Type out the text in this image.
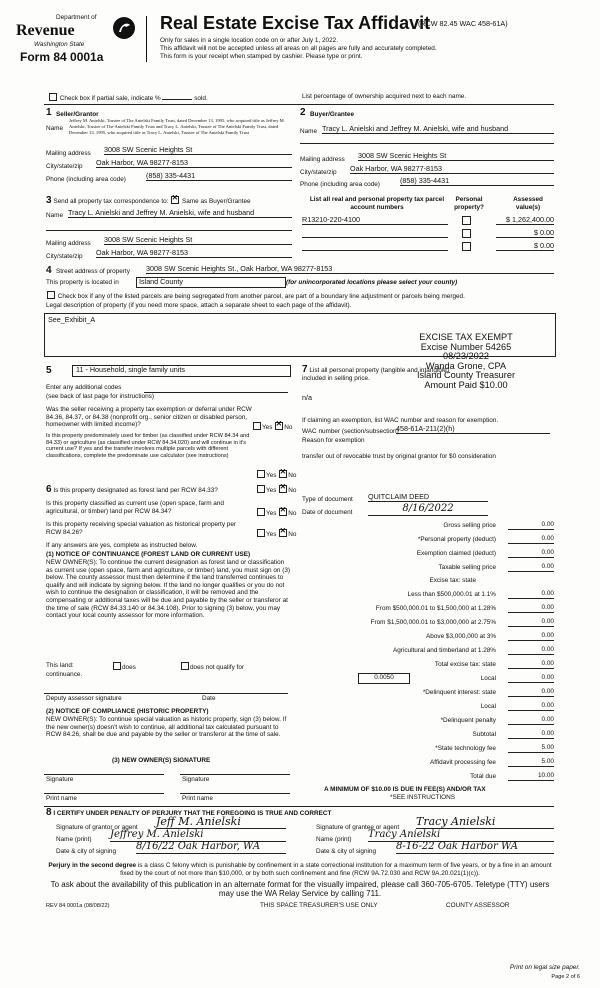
Department of
Revenue
Washington State
Form 84 0001a
Real Estate Excise Tax Affidavit
(RCW 82.45 WAC 458-61A)
Only for sales in a single location code on or after July 1, 2022.
This affidavit will not be accepted unless all areas on all pages are fully and accurately completed.
This form is your receipt when stamped by cashier. Please type or print.
Check box if partial sale, indicate %	sold.	List percentage of ownership acquired next to each name.
1 Seller/Grantor
Name
Jeffrey M. Anielski, Trustee of The Anielski Family Trust, dated December 13, 1995, who acquired title as Jeffrey M. Anielski, Trustee of The Anielski Family Trust and Tracy L. Anielski, Trustee of The Anielski Family Trust, dated December 13, 1995, who acquired title as Tracy L. Anielski, Trustee of The Anielski Family Trust
Mailing address 3008 SW Scenic Heights St
City/state/zip Oak Harbor, WA 98277-8153
Phone (including area code)	(858) 335-4431
2 Buyer/Grantee
Name Tracy L. Anielski and Jeffrey M. Anielski, wife and husband
Mailing address 3008 SW Scenic Heights St
City/state/zip Oak Harbor, WA 98277-8153
Phone (including area code)	(858) 335-4431
3 Send all property tax correspondence to: ✕ Same as Buyer/Grantee
Name Tracy L. Anielski and Jeffrey M. Anielski, wife and husband
Mailing address 3008 SW Scenic Heights St
City/state/zip Oak Harbor, WA 98277-8153
List all real and personal property tax parcel account numbers
Personal property?
Assessed value(s)
R13210-220-4100	$ 1,262,400.00
$ 0.00
$ 0.00
4 Street address of property 3008 SW Scenic Heights St., Oak Harbor, WA 98277-8153
This property is located in	Island County	(for unincorporated locations please select your county)
Check box if any of the listed parcels are being segregated from another parcel, are part of a boundary line adjustment or parcels being merged.
Legal description of property (if you need more space, attach a separate sheet to each page of the affidavit).
See_Exhibit_A
EXCISE TAX EXEMPT
Excise Number 54265
08/23/2022
Wanda Grone, CPA
Island County Treasurer
Amount Paid $10.00
5	11 - Household, single family units
Enter any additional codes
(see back of last page for instructions)
Was the seller receiving a property tax exemption or deferral under RCW 84.36, 84.37, or 84.38 (nonprofit org., senior citizen or disabled person, homeowner with limited income)?	Yes ✕ No
Is this property predominately used for timber (as classified under RCW 84.34 and 84.33) or agriculture (as classified under RCW 84.34.020) and will continue in it's current use? If yes and the transfer involves multiple parcels with different classifications, complete the predominate use calculator (see instructions)
Yes ✕ No
6 Is this property designated as forest land per RCW 84.33?	Yes ✕ No
Is this property classified as current use (open space, farm and agricultural, or timber) land per RCW 84.34?	Yes ✕ No
Is this property receiving special valuation as historical property per RCW 84.26?	Yes ✕ No
If any answers are yes, complete as instructed below.
(1) NOTICE OF CONTINUANCE (FOREST LAND OR CURRENT USE)
NEW OWNER(S): To continue the current designation as forest land or classification as current use (open space, farm and agriculture, or timber) land, you must sign on (3) below. The county assessor must then determine if the land transferred continues to qualify and will indicate by signing below. If the land no longer qualifies or you do not wish to continue the designation or classification, it will be removed and the compensating or additional taxes will be due and payable by the seller or transferor at the time of sale (RCW 84.33.140 or 84.34.108). Prior to signing (3) below, you may contact your local county assessor for more information.
This land:	does	does not qualify for
continuance.
Deputy assessor signature	Date
(2) NOTICE OF COMPLIANCE (HISTORIC PROPERTY)
NEW OWNER(S): To continue special valuation as historic property, sign (3) below. If the new owner(s) doesn't wish to continue, all additional tax calculated pursuant to RCW 84.26, shall be due and payable by the seller or transferor at the time of sale.
(3) NEW OWNER(S) SIGNATURE
Signature	Signature
Print name	Print name
7 List all personal property (tangible and intangible) included in selling price.
n/a
If claiming an exemption, list WAC number and reason for exemption.
WAC number (section/subsection)
458-61A-211(2)(h)
Reason for exemption
transfer out of revocable trust by original grantor for $0 consideration
Type of document QUITCLAIM DEED
Date of document	8/16/2022
Gross selling price	0.00
*Personal property (deduct)	0.00
Exemption claimed (deduct)	0.00
Taxable selling price	0.00
Excise tax: state
Less than $500,000.01 at 1.1%	0.00
From $500,000.01 to $1,500,000 at 1.28%	0.00
From $1,500,000.01 to $3,000,000 at 2.75%	0.00
Above $3,000,000 at 3%	0.00
Agricultural and timberland at 1.28%	0.00
Total excise tax: state	0.00
0.0050	Local	0.00
*Delinquent interest: state	0.00
Local	0.00
*Delinquent penalty	0.00
Subtotal	0.00
*State technology fee	5.00
Affidavit processing fee	5.00
Total due	10.00
A MINIMUM OF $10.00 IS DUE IN FEE(S) AND/OR TAX
*SEE INSTRUCTIONS
8 I CERTIFY UNDER PENALTY OF PERJURY THAT THE FOREGOING IS TRUE AND CORRECT
Signature of grantor or agent Jeff M. Anielski
Name (print) Jeffrey M. Anielski
Date & city of signing 8/16/22 Oak Harbor, WA
Signature of grantee or agent Tracy Anielski
Name (print) Tracy Anielski
Date & city of signing 8-16-22 Oak Harbor WA
Perjury in the second degree is a class C felony which is punishable by confinement in a state correctional institution for a maximum term of five years, or by a fine in an amount fixed by the court of not more than $10,000, or by both such confinement and fine (RCW 9A.72.030 and RCW 9A.20.021(1)(c)).
To ask about the availability of this publication in an alternate format for the visually impaired, please call 360-705-6705. Teletype (TTY) users may use the WA Relay Service by calling 711.
REV 84 0001a (08/08/22)	THIS SPACE TREASURER'S USE ONLY	COUNTY ASSESSOR
Print on legal size paper.
Page 2 of 6
